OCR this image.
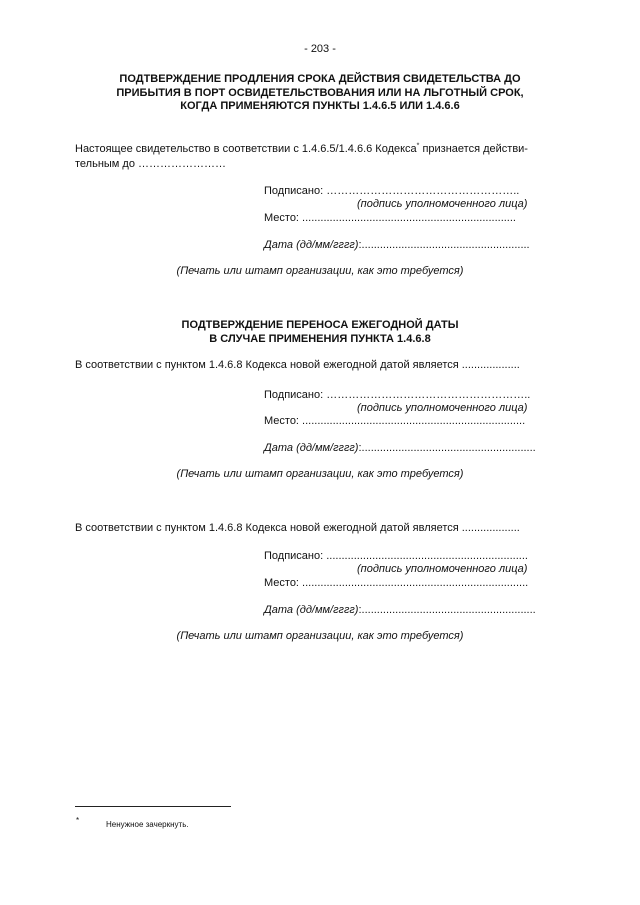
- 203 -
ПОДТВЕРЖДЕНИЕ ПРОДЛЕНИЯ СРОКА ДЕЙСТВИЯ СВИДЕТЕЛЬСТВА ДО
ПРИБЫТИЯ В ПОРТ ОСВИДЕТЕЛЬСТВОВАНИЯ ИЛИ НА ЛЬГОТНЫЙ СРОК,
КОГДА ПРИМЕНЯЮТСЯ ПУНКТЫ 1.4.6.5 ИЛИ 1.4.6.6
Настоящее свидетельство в соответствии с 1.4.6.5/1.4.6.6 Кодекса* признается действи-
тельным до ……………………
Подписано: ……………………………………………..
(подпись уполномоченного лица)
Место: ......................................................................
Дата (дд/мм/гггг):.......................................................
(Печать или штамп организации, как это требуется)
ПОДТВЕРЖДЕНИЕ ПЕРЕНОСА ЕЖЕГОДНОЙ ДАТЫ
В СЛУЧАЕ ПРИМЕНЕНИЯ ПУНКТА 1.4.6.8
В соответствии с пунктом 1.4.6.8 Кодекса новой ежегодной датой является ...................
Подписано: ………………………………………………..
(подпись уполномоченного лица)
Место: .........................................................................
Дата (дд/мм/гггг):.........................................................
(Печать или штамп организации, как это требуется)
В соответствии с пунктом 1.4.6.8 Кодекса новой ежегодной датой является ...................
Подписано: ..................................................................
(подпись уполномоченного лица)
Место: ..........................................................................
Дата (дд/мм/гггг):.........................................................
(Печать или штамп организации, как это требуется)
*	Ненужное зачеркнуть.
